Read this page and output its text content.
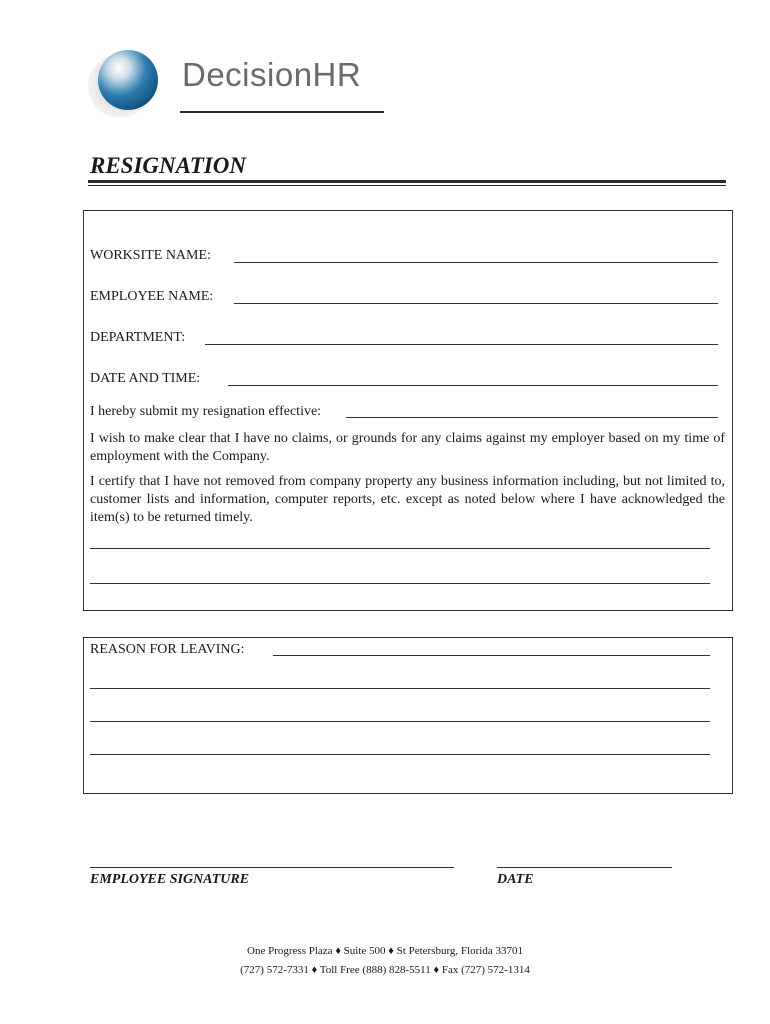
DecisionHR
RESIGNATION
WORKSITE NAME:
EMPLOYEE NAME:
DEPARTMENT:
DATE AND TIME:
I hereby submit my resignation effective:
I wish to make clear that I have no claims, or grounds for any claims against my employer based on my time of employment with the Company.
I certify that I have not removed from company property any business information including, but not limited to, customer lists and information, computer reports, etc. except as noted below where I have acknowledged the item(s) to be returned timely.
REASON FOR LEAVING:
EMPLOYEE SIGNATURE	DATE
One Progress Plaza ♦ Suite 500 ♦ St Petersburg, Florida 33701
(727) 572-7331 ♦ Toll Free (888) 828-5511 ♦ Fax (727) 572-1314
